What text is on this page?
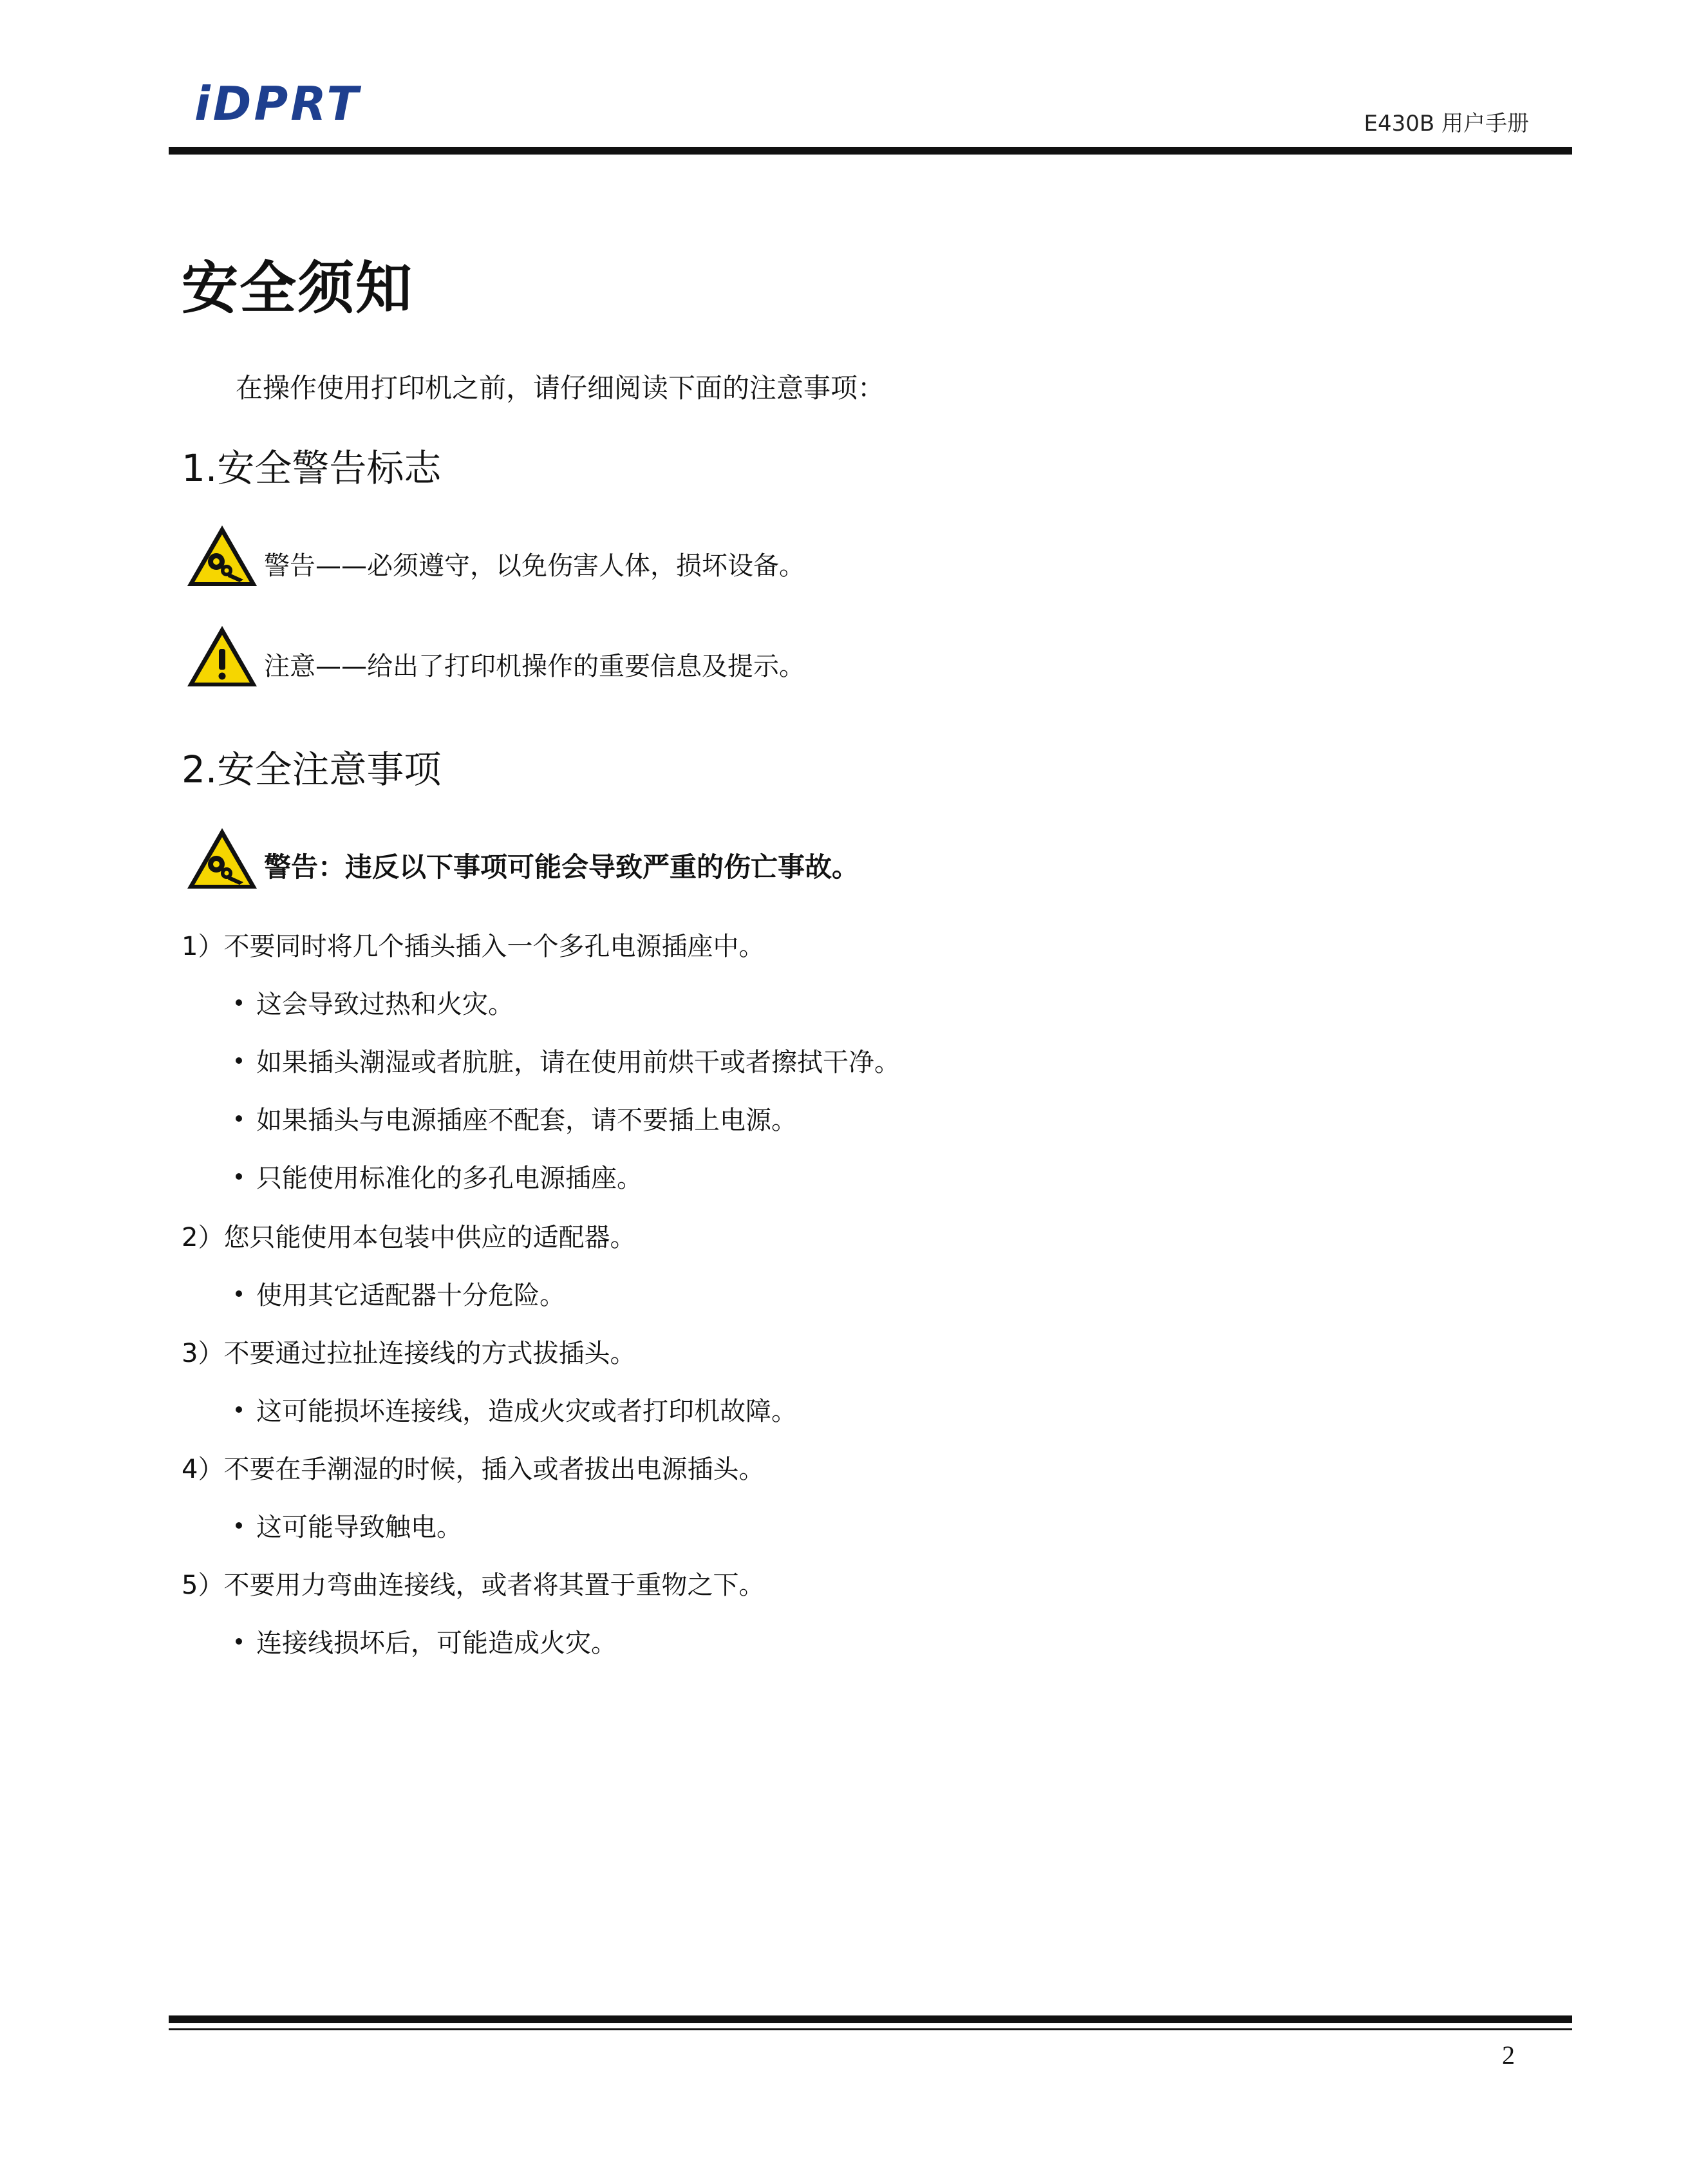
iDPRT	E430B 用户手册
安全须知
在操作使用打印机之前，请仔细阅读下面的注意事项：
1.安全警告标志
警告——必须遵守，以免伤害人体，损坏设备。
注意——给出了打印机操作的重要信息及提示。
2.安全注意事项
警告：违反以下事项可能会导致严重的伤亡事故。
1）不要同时将几个插头插入一个多孔电源插座中。
这会导致过热和火灾。
如果插头潮湿或者肮脏，请在使用前烘干或者擦拭干净。
如果插头与电源插座不配套，请不要插上电源。
只能使用标准化的多孔电源插座。
2）您只能使用本包装中供应的适配器。
使用其它适配器十分危险。
3）不要通过拉扯连接线的方式拔插头。
这可能损坏连接线，造成火灾或者打印机故障。
4）不要在手潮湿的时候，插入或者拔出电源插头。
这可能导致触电。
5）不要用力弯曲连接线，或者将其置于重物之下。
连接线损坏后，可能造成火灾。
2
